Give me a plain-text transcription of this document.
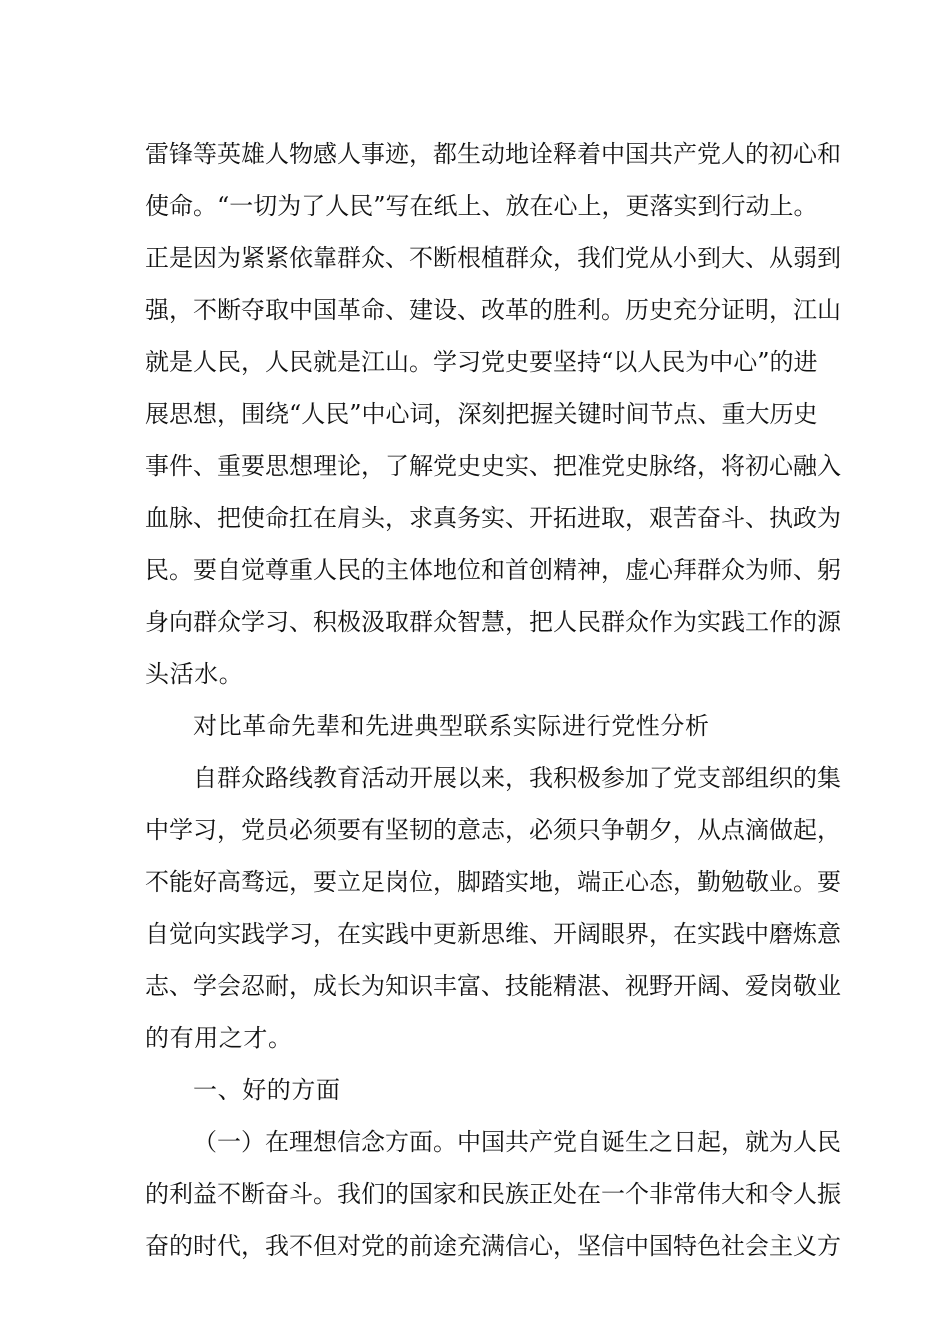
雷锋等英雄人物感人事迹，都生动地诠释着中国共产党人的初心和
使命。“一切为了人民”写在纸上、放在心上，更落实到行动上。
正是因为紧紧依靠群众、不断根植群众，我们党从小到大、从弱到
强，不断夺取中国革命、建设、改革的胜利。历史充分证明，江山
就是人民，人民就是江山。学习党史要坚持“以人民为中心”的进
展思想，围绕“人民”中心词，深刻把握关键时间节点、重大历史
事件、重要思想理论，了解党史史实、把准党史脉络，将初心融入
血脉、把使命扛在肩头，求真务实、开拓进取，艰苦奋斗、执政为
民。要自觉尊重人民的主体地位和首创精神，虚心拜群众为师、躬
身向群众学习、积极汲取群众智慧，把人民群众作为实践工作的源
头活水。
对比革命先辈和先进典型联系实际进行党性分析
自群众路线教育活动开展以来，我积极参加了党支部组织的集
中学习，党员必须要有坚韧的意志，必须只争朝夕，从点滴做起，
不能好高骛远，要立足岗位，脚踏实地，端正心态，勤勉敬业。要
自觉向实践学习，在实践中更新思维、开阔眼界，在实践中磨炼意
志、学会忍耐，成长为知识丰富、技能精湛、视野开阔、爱岗敬业
的有用之才。
一、好的方面
（一）在理想信念方面。中国共产党自诞生之日起，就为人民
的利益不断奋斗。我们的国家和民族正处在一个非常伟大和令人振
奋的时代，我不但对党的前途充满信心，坚信中国特色社会主义方
